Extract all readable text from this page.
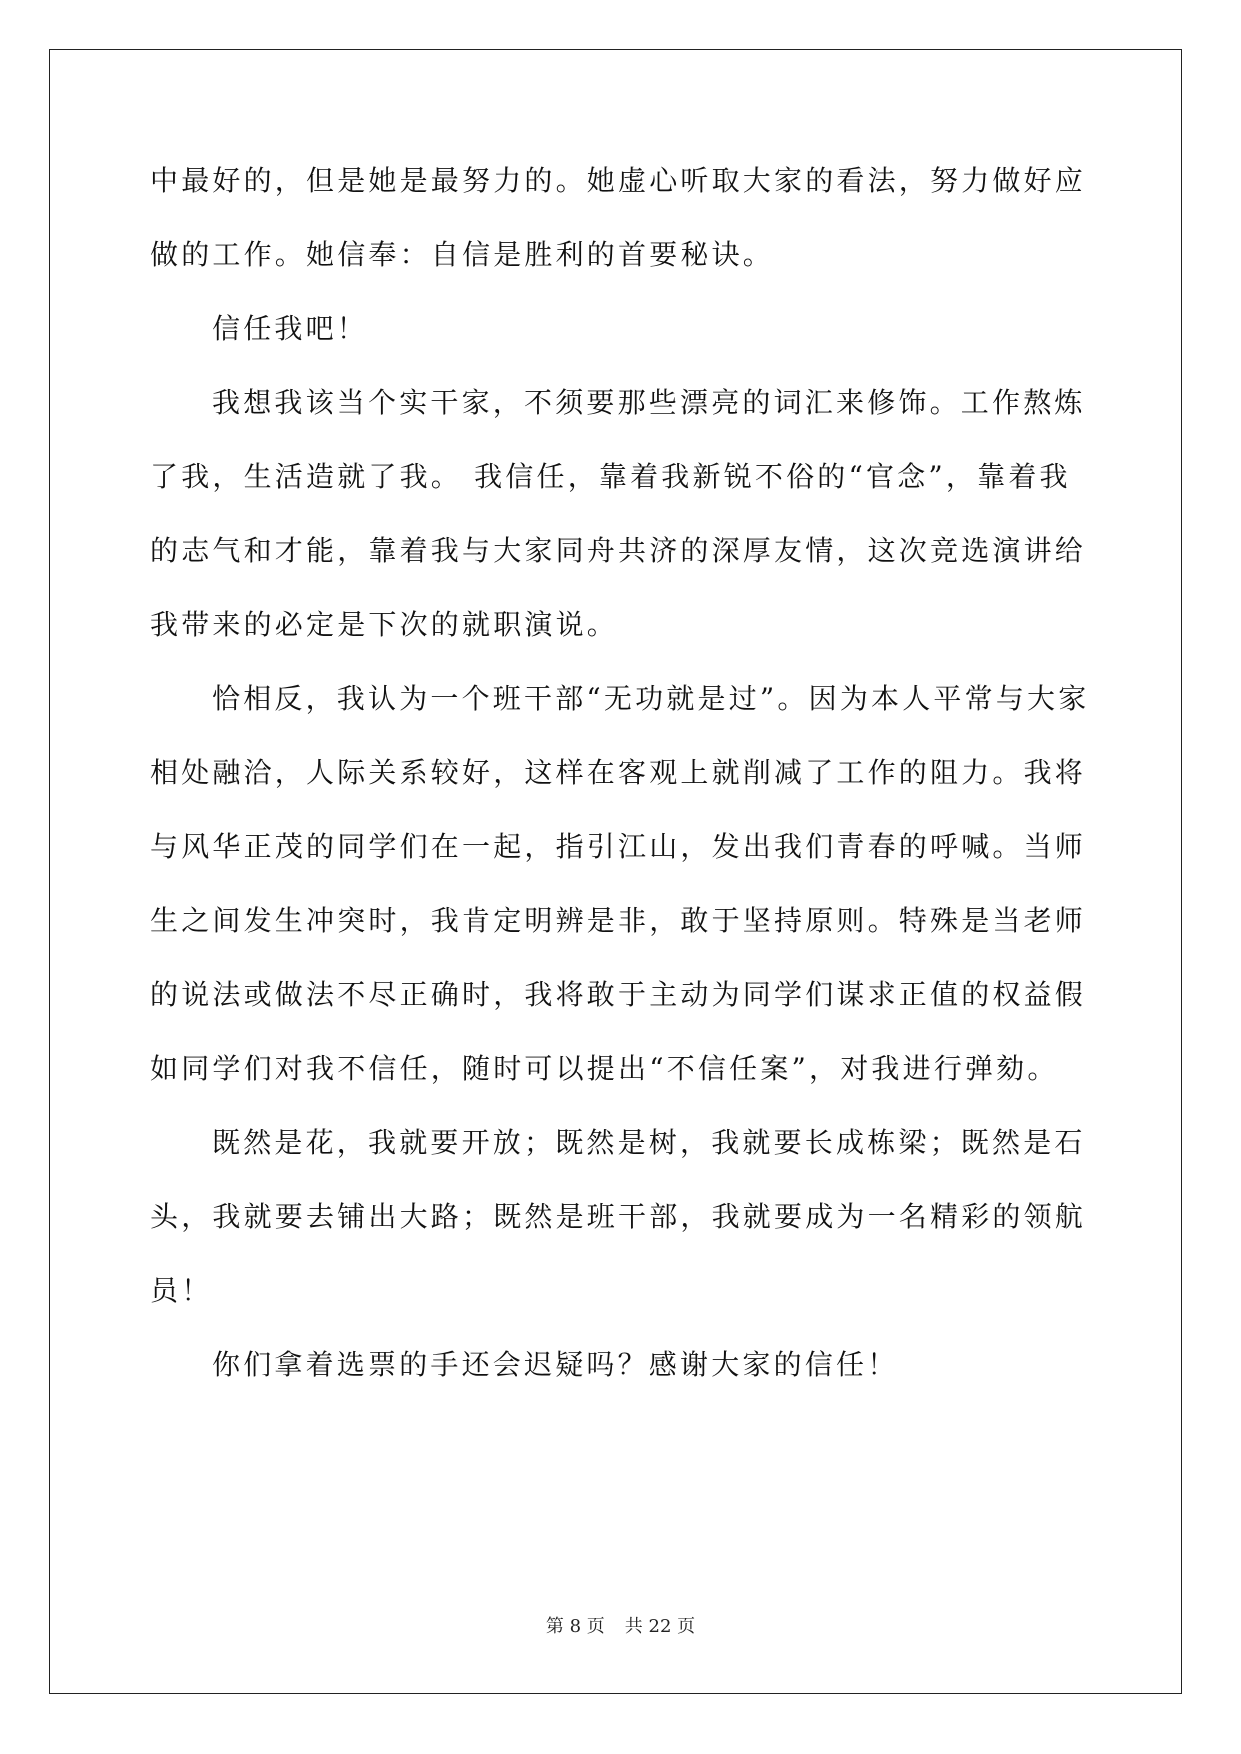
中最好的，但是她是最努力的。她虚心听取大家的看法，努力做好应
做的工作。她信奉：自信是胜利的首要秘诀。
信任我吧！
我想我该当个实干家，不须要那些漂亮的词汇来修饰。工作熬炼
了我，生活造就了我。 我信任，靠着我新锐不俗的“官念”，靠着我
的志气和才能，靠着我与大家同舟共济的深厚友情，这次竞选演讲给
我带来的必定是下次的就职演说。
恰相反，我认为一个班干部“无功就是过”。因为本人平常与大家
相处融洽，人际关系较好，这样在客观上就削减了工作的阻力。我将
与风华正茂的同学们在一起，指引江山，发出我们青春的呼喊。当师
生之间发生冲突时，我肯定明辨是非，敢于坚持原则。特殊是当老师
的说法或做法不尽正确时，我将敢于主动为同学们谋求正值的权益假
如同学们对我不信任，随时可以提出“不信任案”，对我进行弹劾。
既然是花，我就要开放；既然是树，我就要长成栋梁；既然是石
头，我就要去铺出大路；既然是班干部，我就要成为一名精彩的领航
员！
你们拿着选票的手还会迟疑吗？感谢大家的信任！
第 8 页 共 22 页
